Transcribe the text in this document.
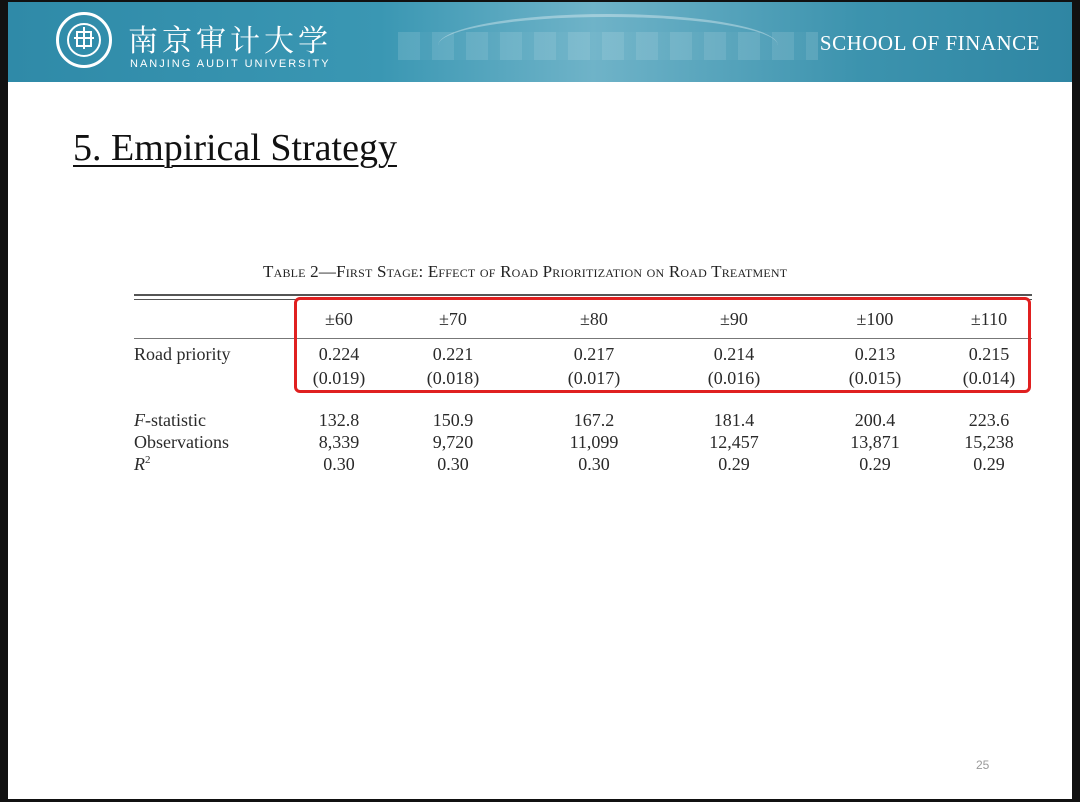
南京审计大学
NANJING AUDIT UNIVERSITY
SCHOOL OF FINANCE
5. Empirical Strategy
Table 2—First Stage: Effect of Road Prioritization on Road Treatment
±60	±70	±80	±90	±100	±110
Road priority	0.224	0.221	0.217	0.214	0.213	0.215
(0.019)	(0.018)	(0.017)	(0.016)	(0.015)	(0.014)
F-statistic	132.8	150.9	167.2	181.4	200.4	223.6
Observations	8,339	9,720	11,099	12,457	13,871	15,238
$R^2$	0.30	0.30	0.30	0.29	0.29	0.29
25
